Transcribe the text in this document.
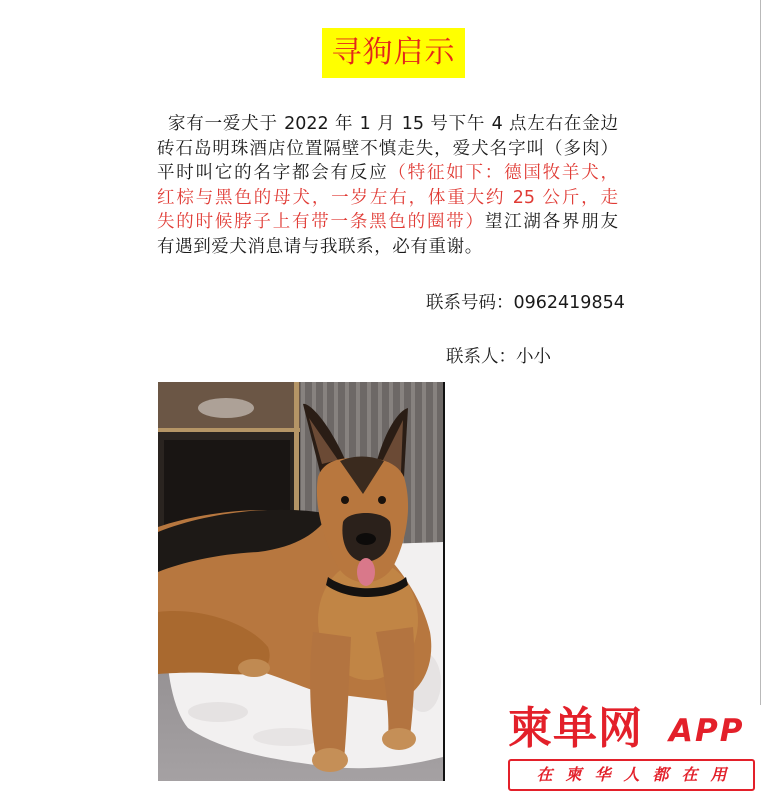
寻狗启示
家有一爱犬于 2022 年 1 月 15 号下午 4 点左右在金边
砖石岛明珠酒店位置隔壁不慎走失，爱犬名字叫（多肉）
平时叫它的名字都会有反应（特征如下：德国牧羊犬，
红棕与黑色的母犬，一岁左右，体重大约 25 公斤，走
失的时候脖子上有带一条黑色的圈带）望江湖各界朋友
有遇到爱犬消息请与我联系，必有重谢。
联系号码：0962419854
联系人：小小
柬单网 APP
在柬华人都在用
